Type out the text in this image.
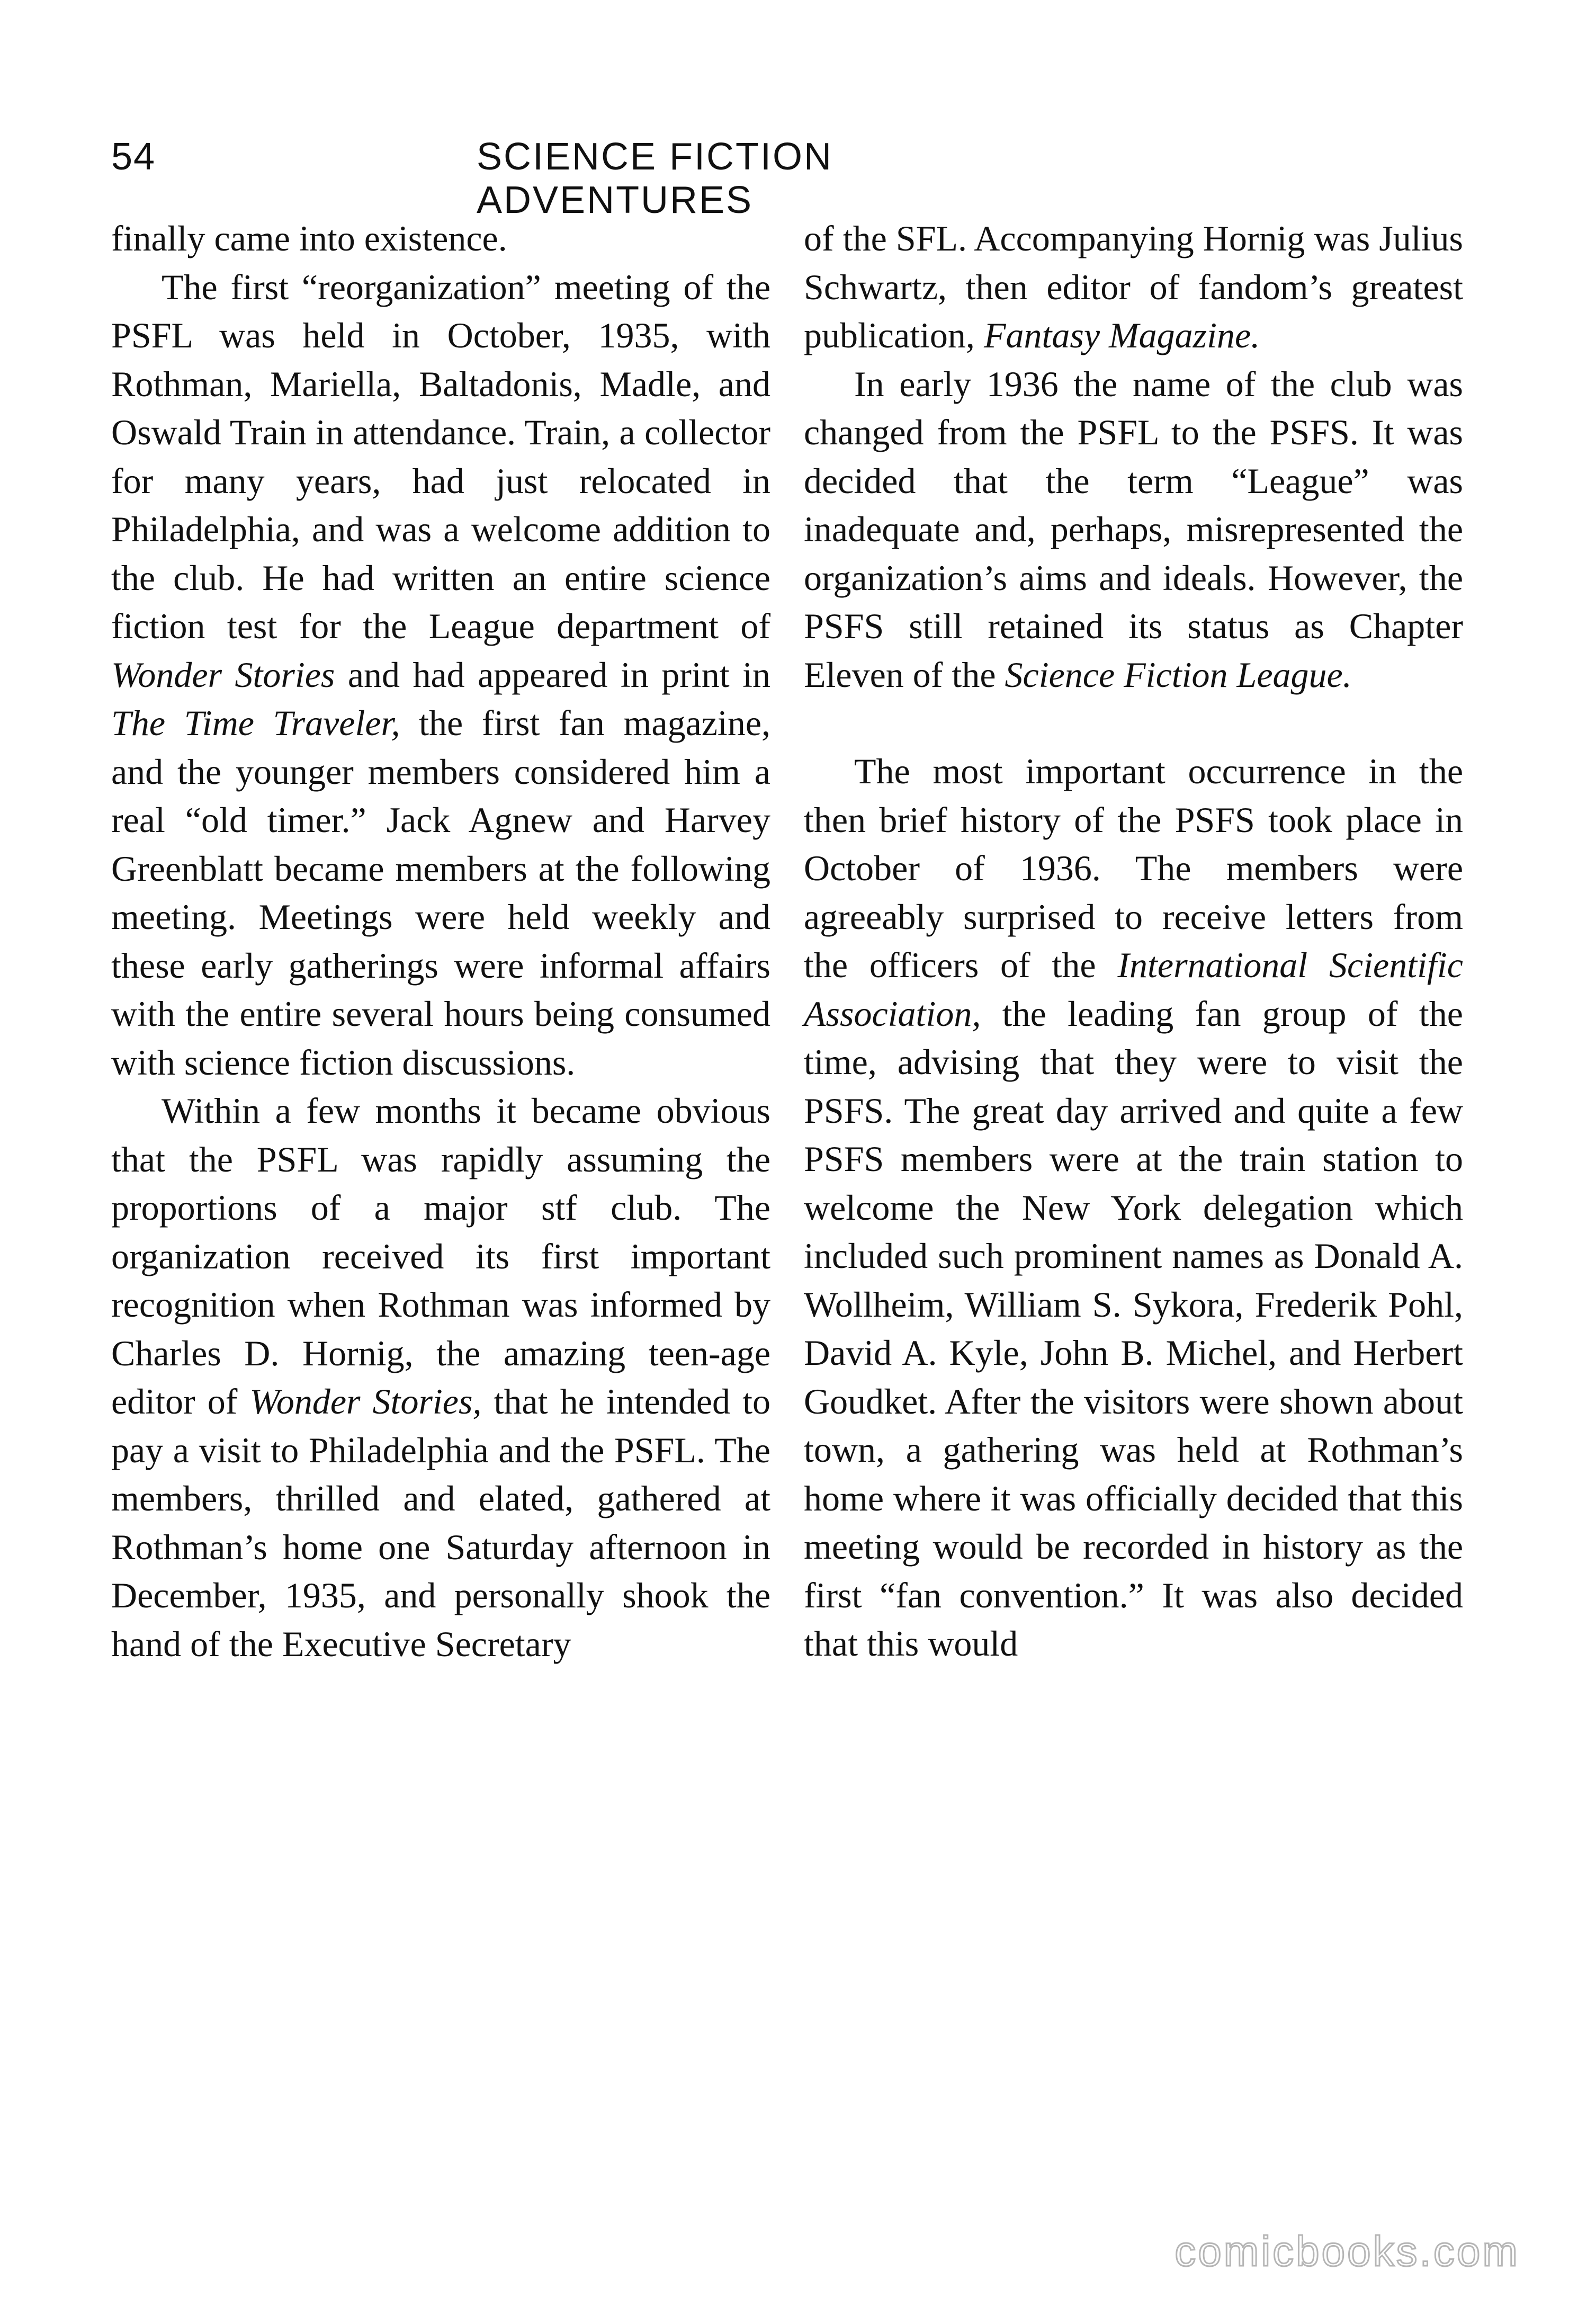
54	SCIENCE FICTION ADVENTURES

finally came into existence.

The first “reorganization” meeting of the PSFL was held in October, 1935, with Rothman, Mariella, Baltadonis, Madle, and Oswald Train in attendance. Train, a collector for many years, had just relocated in Philadelphia, and was a welcome addition to the club. He had written an entire science fiction test for the League department of Wonder Stories and had appeared in print in The Time Traveler, the first fan magazine, and the younger members considered him a real “old timer.” Jack Agnew and Harvey Greenblatt became members at the following meeting. Meetings were held weekly and these early gatherings were informal affairs with the entire several hours being consumed with science fiction discussions.

Within a few months it became obvious that the PSFL was rapidly assuming the proportions of a major stf club. The organization received its first important recognition when Rothman was informed by Charles D. Hornig, the amazing teen-age editor of Wonder Stories, that he intended to pay a visit to Philadelphia and the PSFL. The members, thrilled and elated, gathered at Rothman’s home one Saturday afternoon in December, 1935, and personally shook the hand of the Executive Secretary

of the SFL. Accompanying Hornig was Julius Schwartz, then editor of fandom’s greatest publication, Fantasy Magazine.

In early 1936 the name of the club was changed from the PSFL to the PSFS. It was decided that the term “League” was inadequate and, perhaps, misrepresented the organization’s aims and ideals. However, the PSFS still retained its status as Chapter Eleven of the Science Fiction League.

The most important occurrence in the then brief history of the PSFS took place in October of 1936. The members were agreeably surprised to receive letters from the officers of the International Scientific Association, the leading fan group of the time, advising that they were to visit the PSFS. The great day arrived and quite a few PSFS members were at the train station to welcome the New York delegation which included such prominent names as Donald A. Wollheim, William S. Sykora, Frederik Pohl, David A. Kyle, John B. Michel, and Herbert Goudket. After the visitors were shown about town, a gathering was held at Rothman’s home where it was officially decided that this meeting would be recorded in history as the first “fan convention.” It was also decided that this would

comicbooks.com
